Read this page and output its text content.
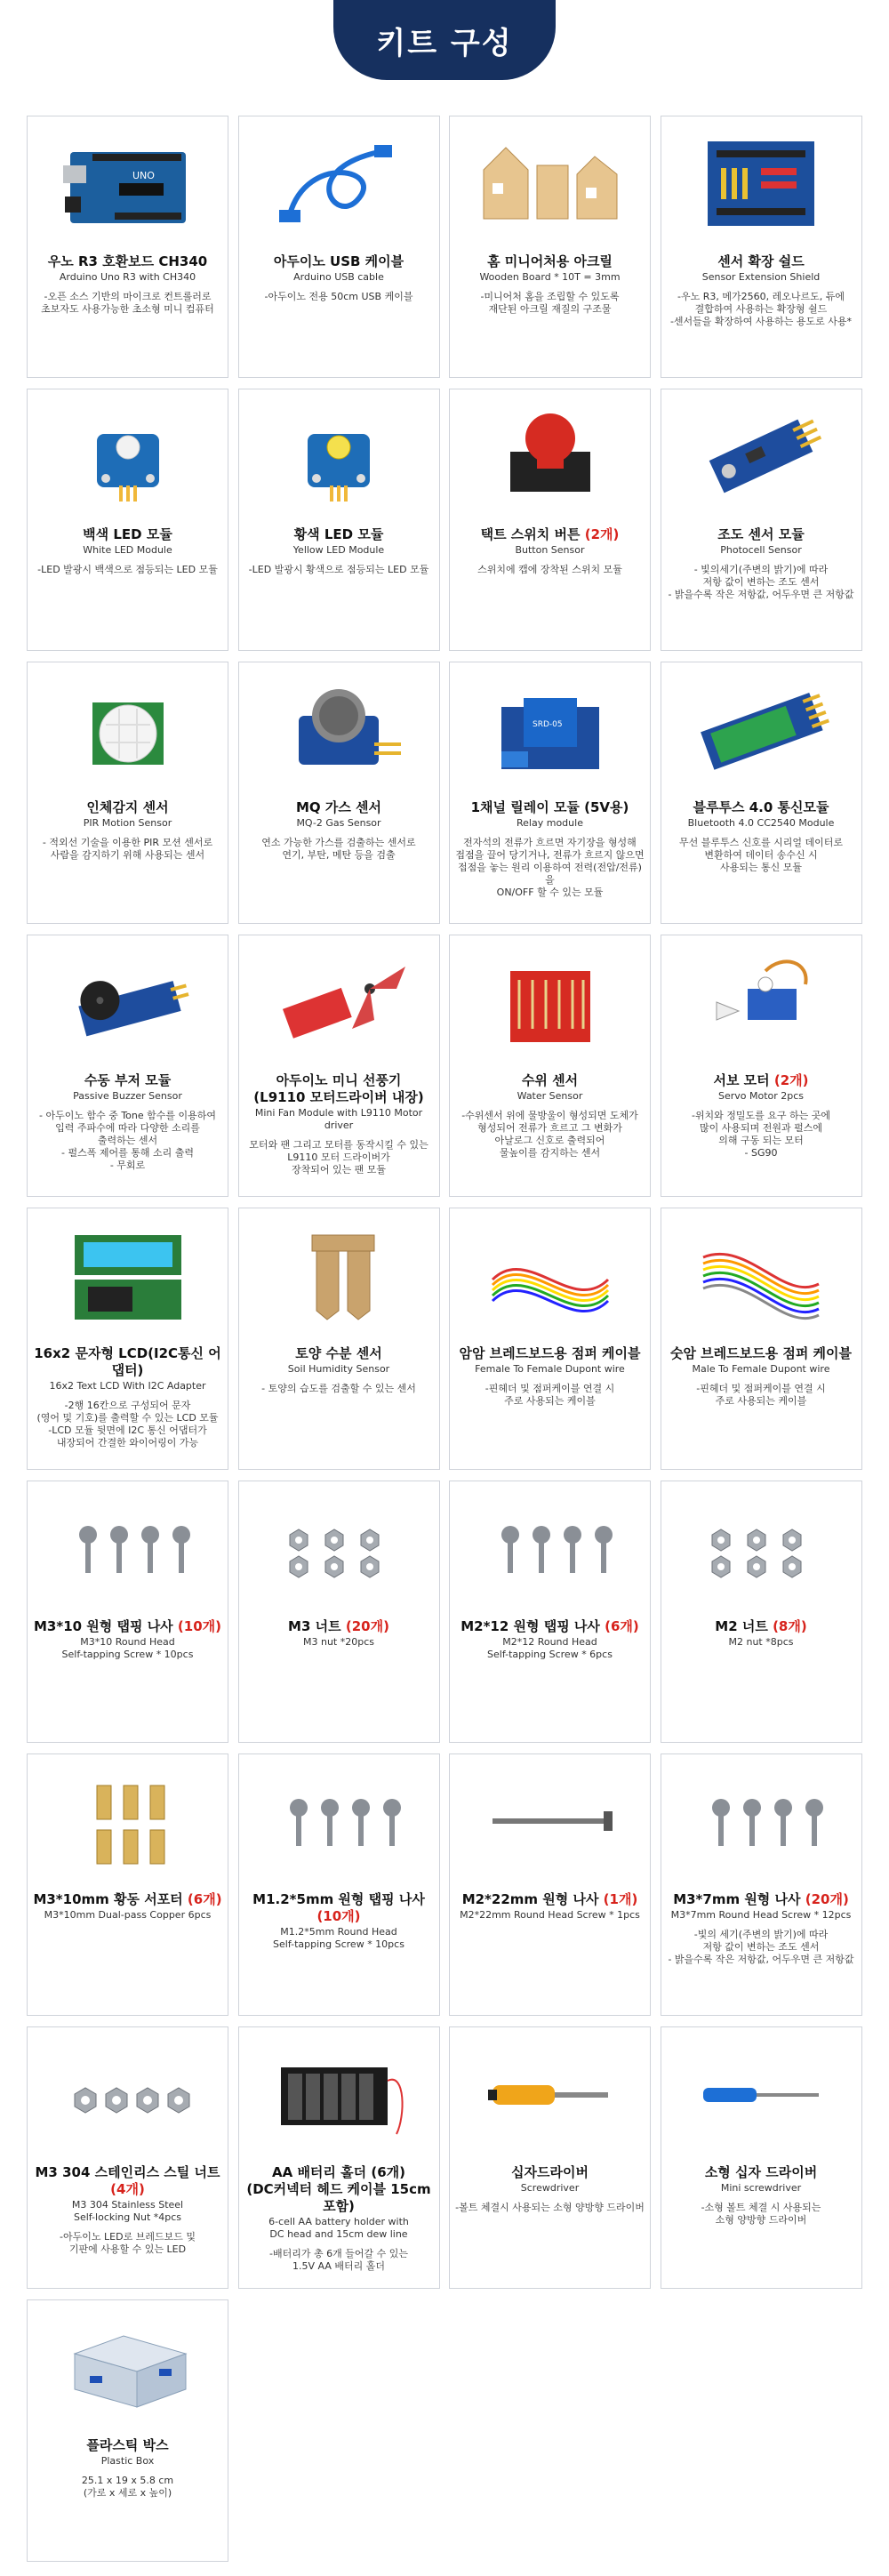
키트 구성
UNO
우노 R3 호환보드 CH340
Arduino Uno R3 with CH340
-오픈 소스 기반의 마이크로 컨트롤러로
초보자도 사용가능한 초소형 미니 컴퓨터
아두이노 USB 케이블
Arduino USB cable
-아두이노 전용 50cm USB 케이블
홈 미니어처용 아크릴
Wooden Board * 10T = 3mm
-미니어처 홈을 조립할 수 있도록
재단된 아크릴 재질의 구조물
센서 확장 쉴드
Sensor Extension Shield
-우노 R3, 메가2560, 레오나르도, 듀에
결합하여 사용하는 확장형 쉴드
-센서들을 확장하여 사용하는 용도로 사용*
백색 LED 모듈
White LED Module
-LED 발광시 백색으로 점등되는 LED 모듈
황색 LED 모듈
Yellow LED Module
-LED 발광시 황색으로 점등되는 LED 모듈
택트 스위치 버튼 (2개)
Button Sensor
스위치에 캡에 장착된 스위치 모듈
조도 센서 모듈
Photocell Sensor
- 빛의세기(주변의 밝기)에 따라
저항 값이 변하는 조도 센서
- 밝을수록 작은 저항값, 어두우면 큰 저항값
인체감지 센서
PIR Motion Sensor
- 적외선 기술을 이용한 PIR 모션 센서로
사람을 감지하기 위해 사용되는 센서
MQ 가스 센서
MQ-2 Gas Sensor
연소 가능한 가스를 검출하는 센서로
연기, 부탄, 메탄 등을 검출
SRD-05
1채널 릴레이 모듈 (5V용)
Relay module
전자석의 전류가 흐르면 자기장을 형성해
접점을 끌어 당기거나, 전류가 흐르지 않으면
접점을 놓는 원리 이용하여 전력(전압/전류)을
ON/OFF 할 수 있는 모듈
블루투스 4.0 통신모듈
Bluetooth 4.0 CC2540 Module
무선 블루투스 신호를 시리얼 데이터로
변환하여 데이터 송수신 시
사용되는 통신 모듈
수동 부저 모듈
Passive Buzzer Sensor
- 아두이노 함수 중 Tone 함수를 이용하여
입력 주파수에 따라 다양한 소리를
출력하는 센서
- 펄스폭 제어를 통해 소리 출력
- 무회로
아두이노 미니 선풍기
(L9110 모터드라이버 내장)
Mini Fan Module with L9110 Motor driver
모터와 팬 그리고 모터를 동작시킬 수 있는
L9110 모터 드라이버가
장착되어 있는 팬 모듈
수위 센서
Water Sensor
-수위센서 위에 물방울이 형성되면 도체가
형성되어 전류가 흐르고 그 변화가
아날로그 신호로 출력되어
물높이를 감지하는 센서
서보 모터 (2개)
Servo Motor 2pcs
-위치와 정밀도를 요구 하는 곳에
많이 사용되며 전원과 펄스에
의해 구동 되는 모터
- SG90
16x2 문자형 LCD(I2C통신 어댑터)
16x2 Text LCD With I2C Adapter
-2행 16칸으로 구성되어 문자
(영어 및 기호)를 출력할 수 있는 LCD 모듈
-LCD 모듈 뒷면에 I2C 통신 어댑터가
내장되어 간결한 와이어링이 가능
토양 수분 센서
Soil Humidity Sensor
- 토양의 습도를 검출할 수 있는 센서
암암 브레드보드용 점퍼 케이블
Female To Female Dupont wire
-핀헤더 및 점퍼케이블 연결 시
주로 사용되는 케이블
숫암 브레드보드용 점퍼 케이블
Male To Female Dupont wire
-핀헤더 및 점퍼케이블 연결 시
주로 사용되는 케이블
M3*10 원형 탭핑 나사 (10개)
M3*10 Round Head
Self-tapping Screw * 10pcs
M3 너트 (20개)
M3 nut *20pcs
M2*12 원형 탭핑 나사 (6개)
M2*12 Round Head
Self-tapping Screw * 6pcs
M2 너트 (8개)
M2 nut *8pcs
M3*10mm 황동 서포터 (6개)
M3*10mm Dual-pass Copper 6pcs
M1.2*5mm 원형 탭핑 나사 (10개)
M1.2*5mm Round Head
Self-tapping Screw * 10pcs
M2*22mm 원형 나사 (1개)
M2*22mm Round Head Screw * 1pcs
M3*7mm 원형 나사 (20개)
M3*7mm Round Head Screw * 12pcs
-빛의 세기(주변의 밝기)에 따라
저항 값이 변하는 조도 센서
- 밝을수록 작은 저항값, 어두우면 큰 저항값
M3 304 스테인리스 스틸 너트 (4개)
M3 304 Stainless Steel
Self-locking Nut *4pcs
-아두이노 LED로 브레드보드 및
기판에 사용할 수 있는 LED
AA 배터리 홀더 (6개)
(DC커넥터 헤드 케이블 15cm 포함)
6-cell AA battery holder with
DC head and 15cm dew line
-배터리가 총 6개 들어갈 수 있는
1.5V AA 배터리 홀더
십자드라이버
Screwdriver
-볼트 체결시 사용되는 소형 양방향 드라이버
소형 십자 드라이버
Mini screwdriver
-소형 볼트 체결 시 사용되는
소형 양방향 드라이버
플라스틱 박스
Plastic Box
25.1 x 19 x 5.8 cm
(가로 x 세로 x 높이)
